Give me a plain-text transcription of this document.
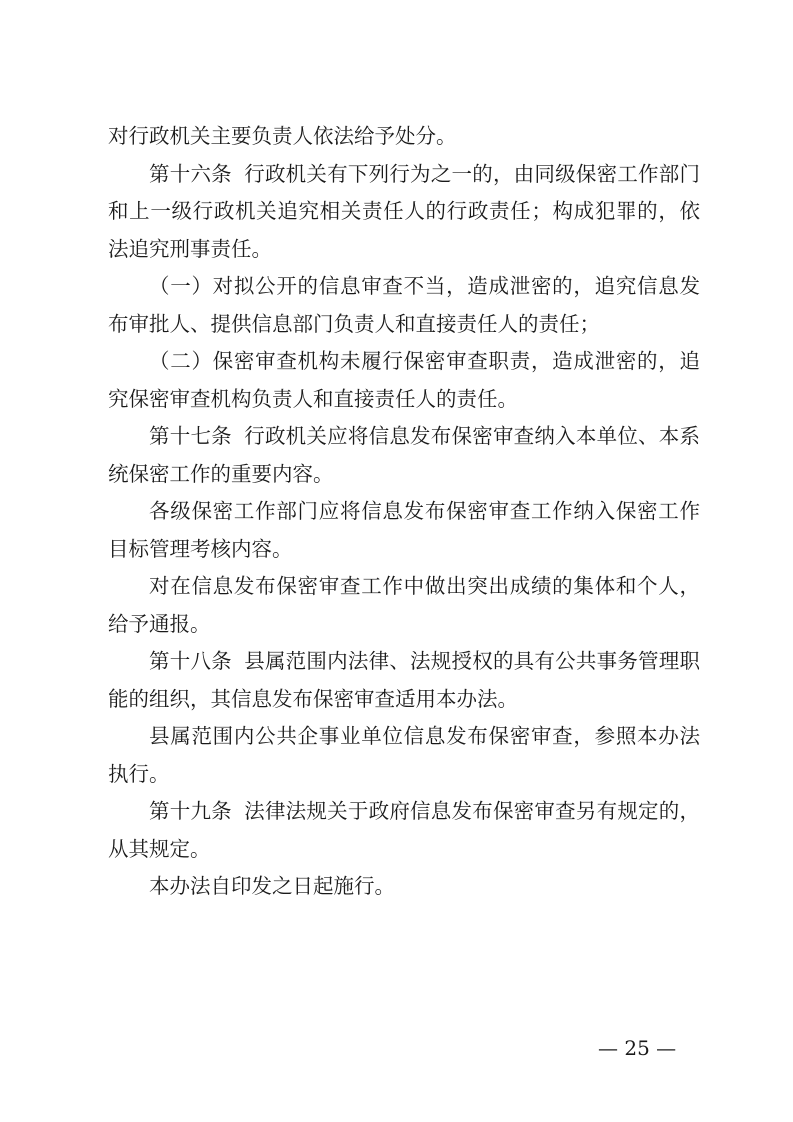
对行政机关主要负责人依法给予处分。

第十六条 行政机关有下列行为之一的，由同级保密工作部门和上一级行政机关追究相关责任人的行政责任；构成犯罪的，依法追究刑事责任。

（一）对拟公开的信息审查不当，造成泄密的，追究信息发布审批人、提供信息部门负责人和直接责任人的责任；

（二）保密审查机构未履行保密审查职责，造成泄密的，追究保密审查机构负责人和直接责任人的责任。

第十七条 行政机关应将信息发布保密审查纳入本单位、本系统保密工作的重要内容。

各级保密工作部门应将信息发布保密审查工作纳入保密工作目标管理考核内容。

对在信息发布保密审查工作中做出突出成绩的集体和个人，给予通报。

第十八条 县属范围内法律、法规授权的具有公共事务管理职能的组织，其信息发布保密审查适用本办法。

县属范围内公共企事业单位信息发布保密审查，参照本办法执行。

第十九条 法律法规关于政府信息发布保密审查另有规定的，从其规定。

本办法自印发之日起施行。

— 25 —
